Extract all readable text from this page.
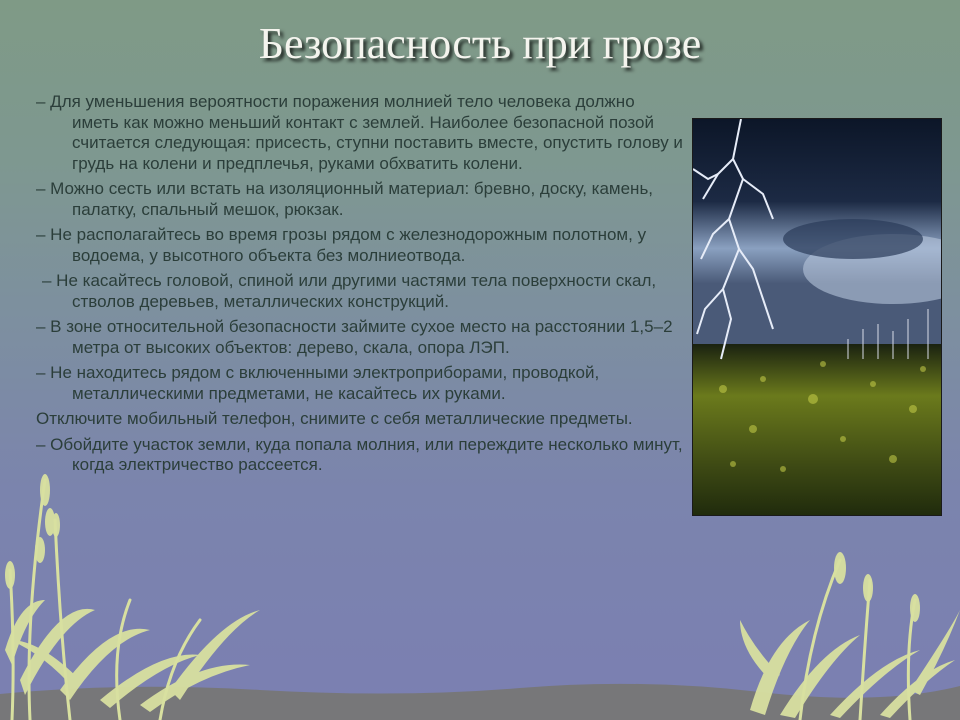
Безопасность при грозе

– Для уменьшения вероятности поражения молнией тело человека должно иметь как можно меньший контакт с землей. Наиболее безопасной позой считается следующая: присесть, ступни поставить вместе, опустить голову и грудь на колени и предплечья, руками обхватить колени.

– Можно сесть или встать на изоляционный материал: бревно, доску, камень, палатку, спальный мешок, рюкзак.

– Не располагайтесь во время грозы рядом с железнодорожным полотном, у водоема, у высотного объекта без молниеотвода.

– Не касайтесь головой, спиной или другими частями тела поверхности скал, стволов деревьев, металлических конструкций.

– В зоне относительной безопасности займите сухое место на расстоянии 1,5–2 метра от высоких объектов: дерево, скала, опора ЛЭП.

– Не находитесь рядом с включенными электроприборами, проводкой, металлическими предметами, не касайтесь их руками.

Отключите мобильный телефон, снимите с себя металлические предметы.

– Обойдите участок земли, куда попала молния, или переждите несколько минут, когда электричество рассеется.
